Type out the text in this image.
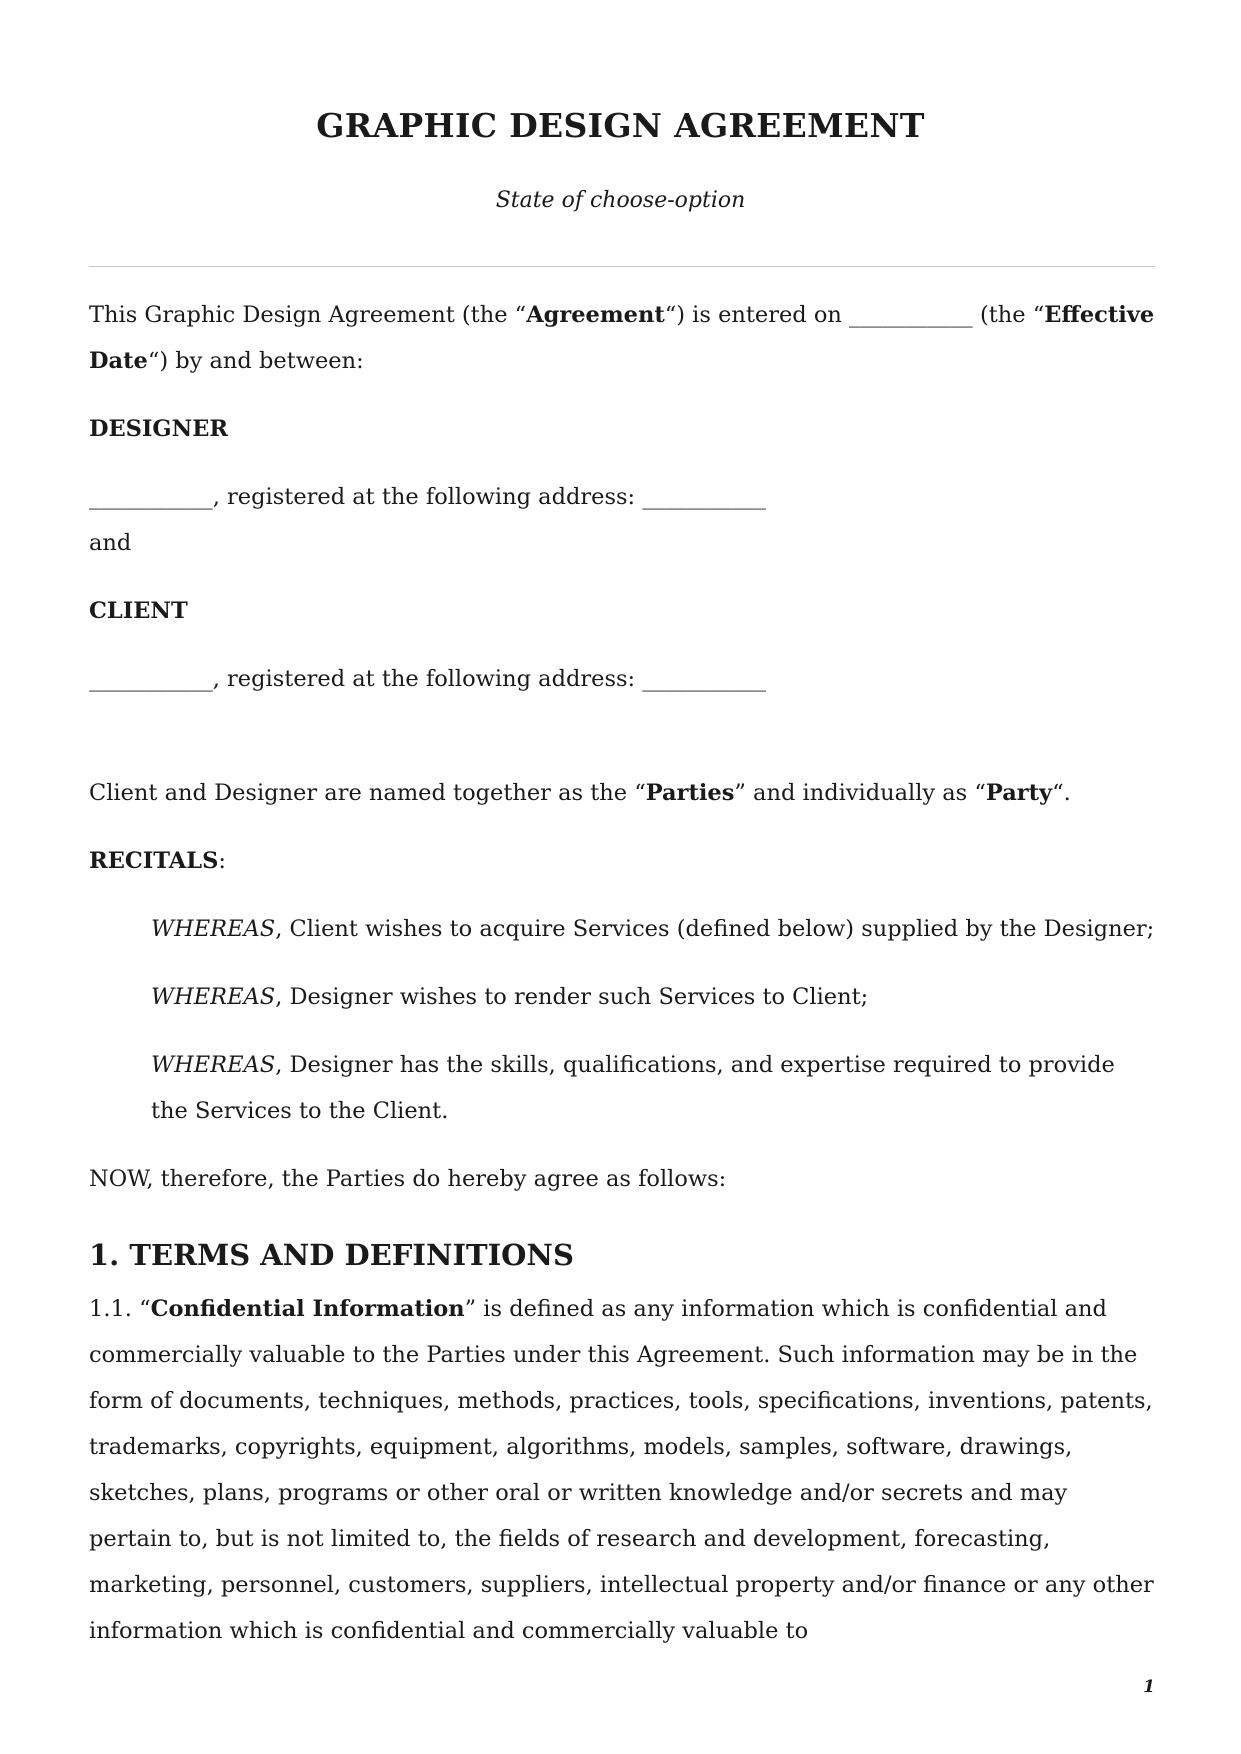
GRAPHIC DESIGN AGREEMENT

State of choose-option

This Graphic Design Agreement (the “Agreement“) is entered on ___________ (the “Effective Date“) by and between:

DESIGNER

___________, registered at the following address: ___________

and

CLIENT

___________, registered at the following address: ___________

Client and Designer are named together as the “Parties” and individually as “Party“.

RECITALS:

WHEREAS, Client wishes to acquire Services (defined below) supplied by the Designer;

WHEREAS, Designer wishes to render such Services to Client;

WHEREAS, Designer has the skills, qualifications, and expertise required to provide the Services to the Client.

NOW, therefore, the Parties do hereby agree as follows:

1. TERMS AND DEFINITIONS

1.1. “Confidential Information” is defined as any information which is confidential and commercially valuable to the Parties under this Agreement. Such information may be in the form of documents, techniques, methods, practices, tools, specifications, inventions, patents, trademarks, copyrights, equipment, algorithms, models, samples, software, drawings, sketches, plans, programs or other oral or written knowledge and/or secrets and may pertain to, but is not limited to, the fields of research and development, forecasting, marketing, personnel, customers, suppliers, intellectual property and/or finance or any other information which is confidential and commercially valuable to

1
